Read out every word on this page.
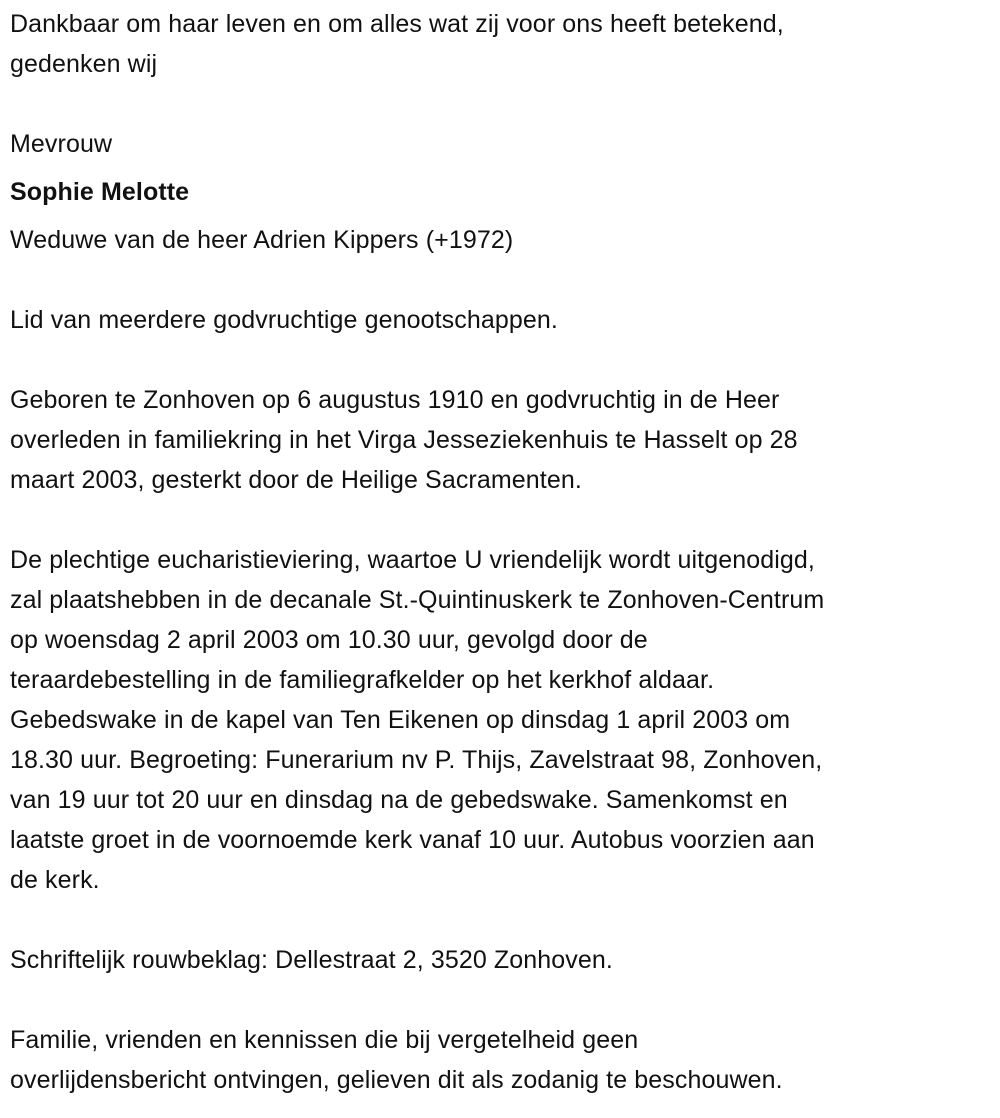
Dankbaar om haar leven en om alles wat zij voor ons heeft betekend,
gedenken wij
Mevrouw
Sophie Melotte
Weduwe van de heer Adrien Kippers (+1972)
Lid van meerdere godvruchtige genootschappen.
Geboren te Zonhoven op 6 augustus 1910 en godvruchtig in de Heer
overleden in familiekring in het Virga Jesseziekenhuis te Hasselt op 28
maart 2003, gesterkt door de Heilige Sacramenten.
De plechtige eucharistieviering, waartoe U vriendelijk wordt uitgenodigd,
zal plaatshebben in de decanale St.-Quintinuskerk te Zonhoven-Centrum
op woensdag 2 april 2003 om 10.30 uur, gevolgd door de
teraardebestelling in de familiegrafkelder op het kerkhof aldaar.
Gebedswake in de kapel van Ten Eikenen op dinsdag 1 april 2003 om
18.30 uur. Begroeting: Funerarium nv P. Thijs, Zavelstraat 98, Zonhoven,
van 19 uur tot 20 uur en dinsdag na de gebedswake. Samenkomst en
laatste groet in de voornoemde kerk vanaf 10 uur. Autobus voorzien aan
de kerk.
Schriftelijk rouwbeklag: Dellestraat 2, 3520 Zonhoven.
Familie, vrienden en kennissen die bij vergetelheid geen
overlijdensbericht ontvingen, gelieven dit als zodanig te beschouwen.
